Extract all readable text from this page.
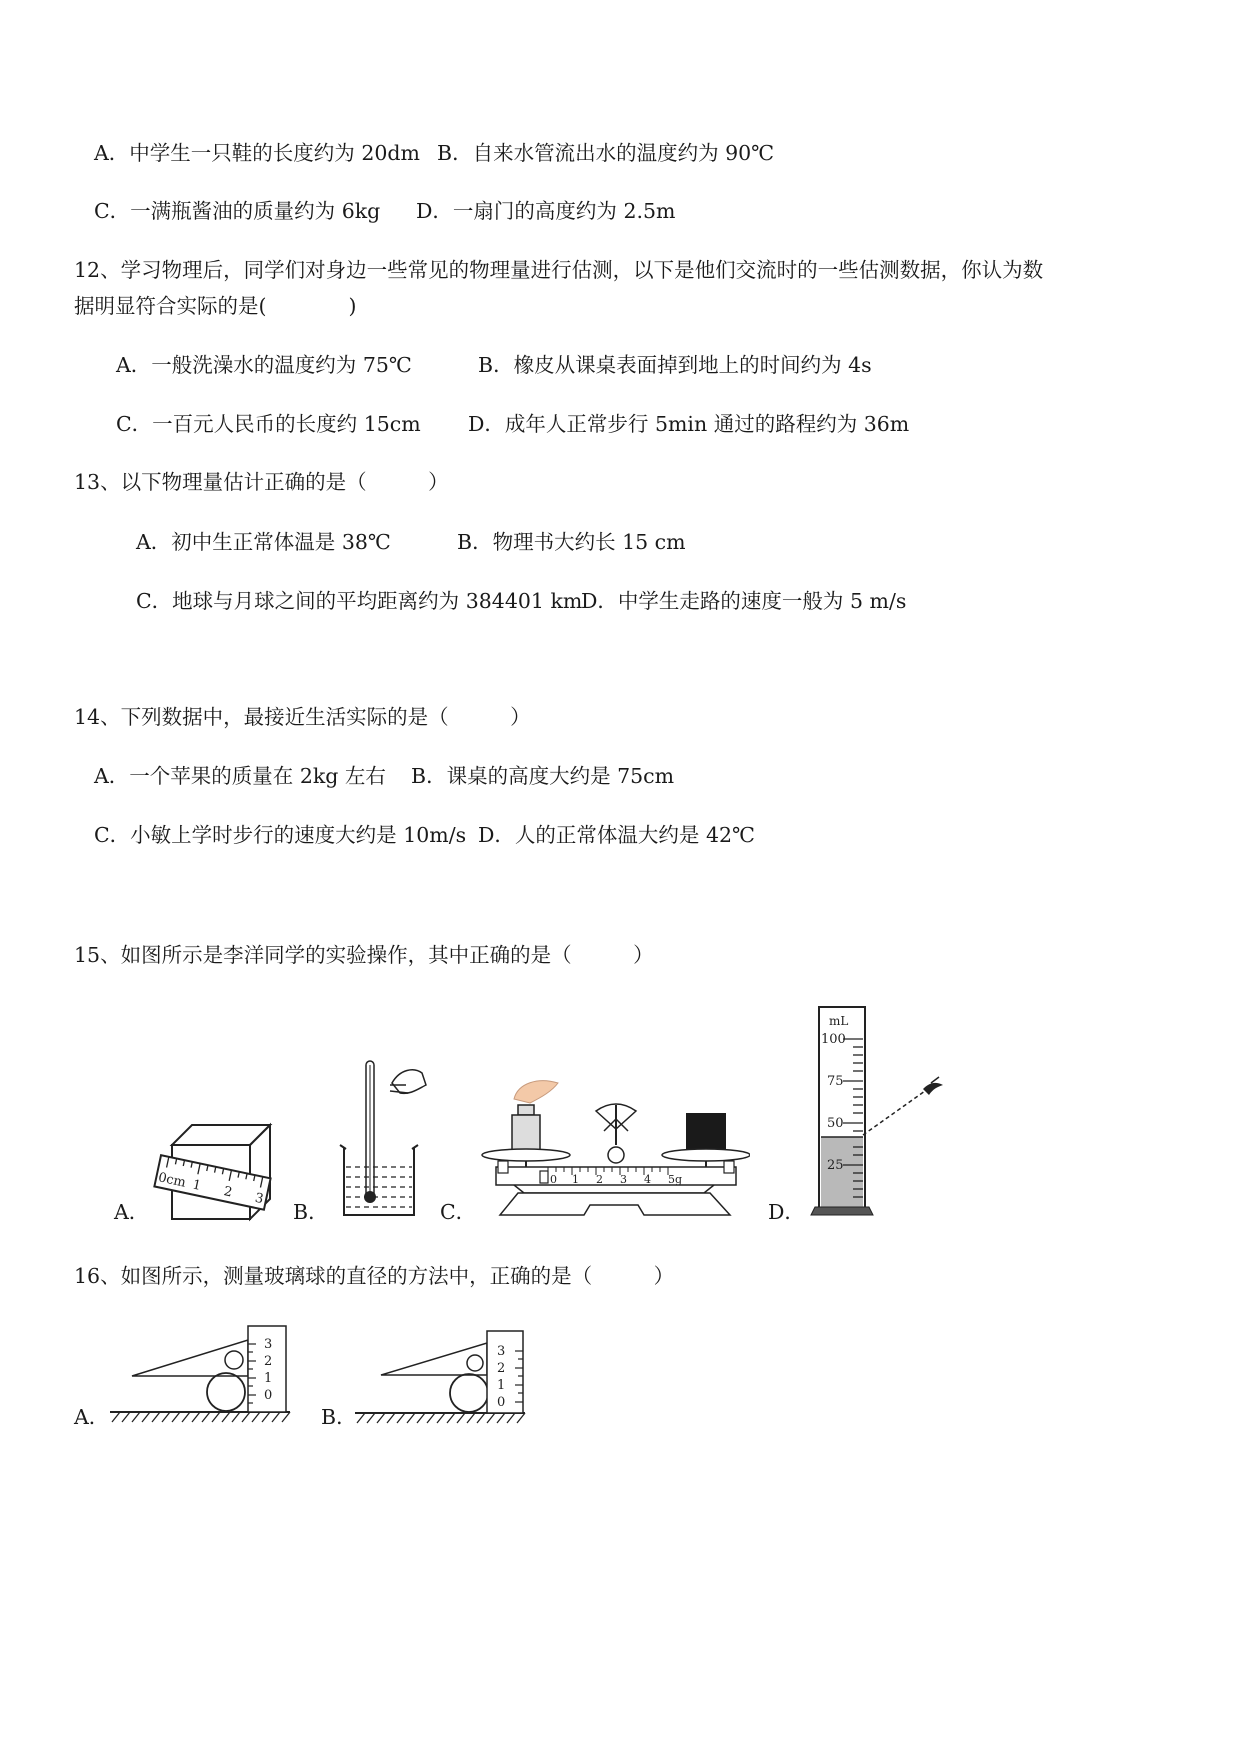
A．中学生一只鞋的长度约为 20dm B．自来水管流出水的温度约为 90℃
C．一满瓶酱油的质量约为 6kg D．一扇门的高度约为 2.5m
12、学习物理后，同学们对身边一些常见的物理量进行估测，以下是他们交流时的一些估测数据，你认为数
据明显符合实际的是(　　　　)
A．一般洗澡水的温度约为 75℃	B．橡皮从课桌表面掉到地上的时间约为 4s
C．一百元人民币的长度约 15cm D．成年人正常步行 5min 通过的路程约为 36m
13、以下物理量估计正确的是（　　　）
A．初中生正常体温是 38℃	B．物理书大约长 15 cm
C．地球与月球之间的平均距离约为 384401 km
D．中学生走路的速度一般为 5 m/s
14、下列数据中，最接近生活实际的是（　　　）
A．一个苹果的质量在 2kg 左右 B．课桌的高度大约是 75cm
C．小敏上学时步行的速度大约是 10m/s D．人的正常体温大约是 42℃
15、如图所示是李洋同学的实验操作，其中正确的是（　　　）
0cm 1 2 3
A．	B．
0 1 2 3 4 5g
C．
mL
100
75
50
25
D．
16、如图所示，测量玻璃球的直径的方法中，正确的是（　　　）
3
2
1
0
A．
3
2
1
0
B．
